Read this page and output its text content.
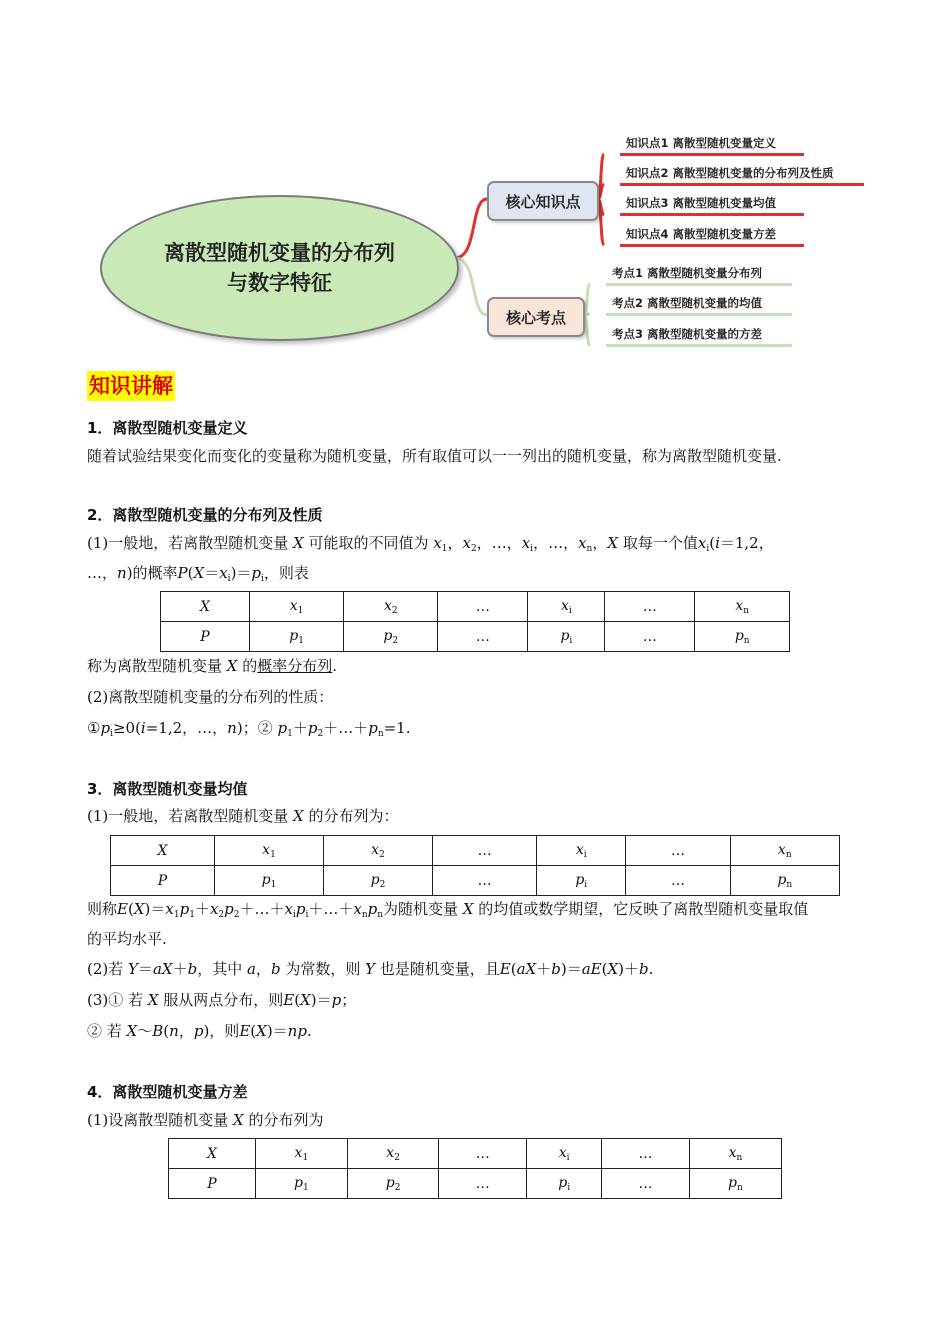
离散型随机变量的分布列
与数字特征
核心知识点
核心考点
知识点1 离散型随机变量定义
知识点2 离散型随机变量的分布列及性质
知识点3 离散型随机变量均值
知识点4 离散型随机变量方差
考点1 离散型随机变量分布列
考点2 离散型随机变量的均值
考点3 离散型随机变量的方差
知识讲解
1．离散型随机变量定义
随着试验结果变化而变化的变量称为随机变量，所有取值可以一一列出的随机变量，称为离散型随机变量.
2．离散型随机变量的分布列及性质
(1)一般地，若离散型随机变量 X 可能取的不同值为 $x_1$，$x_2$，…，$x_i$，…，$x_n$，X 取每一个值$x_i(i=1,2$，
…，n)的概率$P(X=x_i)=p_i$，则表
X	$x_1$	$x_2$	…	$x_i$	…	$x_n$
P	$p_1$	$p_2$	…	$p_i$	…	$p_n$
称为离散型随机变量 X 的概率分布列.
(2)离散型随机变量的分布列的性质：
$①p_i\ge 0(i=1,2$，…，n)；② $p_1+p_2+\dots+p_n=1$.
3．离散型随机变量均值
(1)一般地，若离散型随机变量 X 的分布列为：
X	$x_1$	$x_2$	…	$x_i$	…	$x_n$
P	$p_1$	$p_2$	…	$p_i$	…	$p_n$
则称$E(X)=x_1p_1+x_2p_2+\dots+x_ip_i+\dots+x_np_n$为随机变量 X 的均值或数学期望，它反映了离散型随机变量取值
的平均水平.
(2)若 Y＝aX＋b，其中 a，b 为常数，则 Y 也是随机变量，且E(aX＋b)＝aE(X)＋b.
(3)① 若 X 服从两点分布，则E(X)＝p；
② 若 X～B(n，p)，则E(X)＝np.
4．离散型随机变量方差
(1)设离散型随机变量 X 的分布列为
X	$x_1$	$x_2$	…	$x_i$	…	$x_n$
P	$p_1$	$p_2$	…	$p_i$	…	$p_n$
